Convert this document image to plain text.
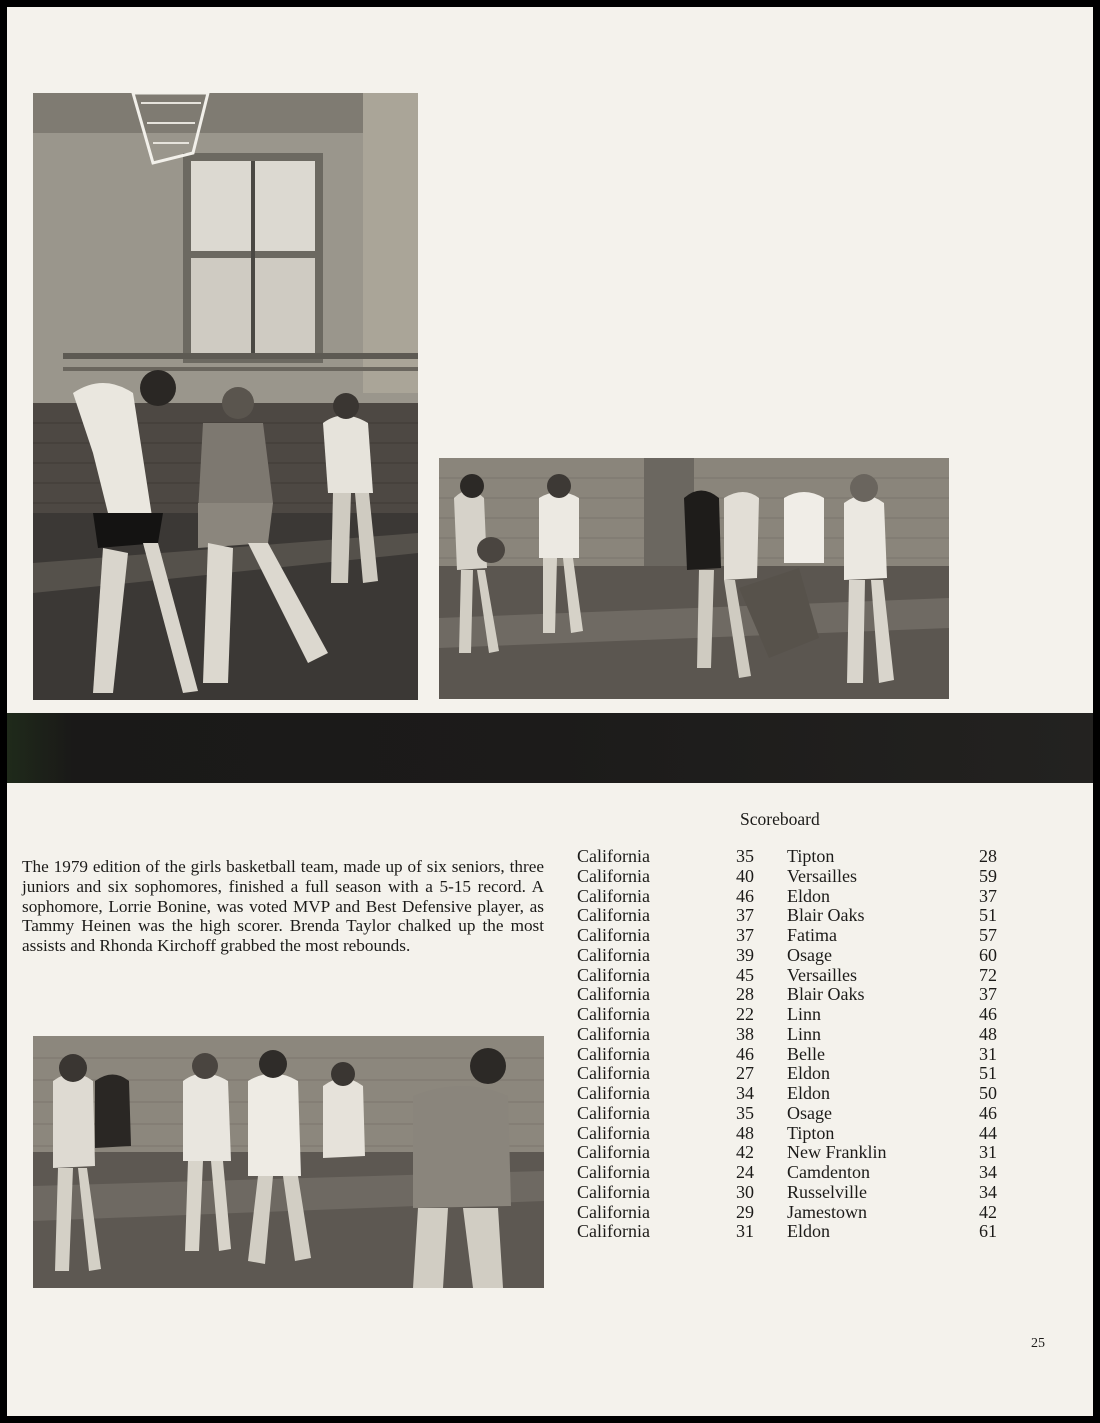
Scoreboard

The 1979 edition of the girls basketball team, made up of six seniors, three juniors and six sophomores, finished a full season with a 5-15 record. A sophomore, Lorrie Bonine, was voted MVP and Best Defensive player, as Tammy Heinen was the high scorer. Brenda Taylor chalked up the most assists and Rhonda Kirchoff grabbed the most rebounds.

California	35		Tipton	28
California	40		Versailles	59
California	46		Eldon	37
California	37		Blair Oaks	51
California	37		Fatima	57
California	39		Osage	60
California	45		Versailles	72
California	28		Blair Oaks	37
California	22		Linn	46
California	38		Linn	48
California	46		Belle	31
California	27		Eldon	51
California	34		Eldon	50
California	35		Osage	46
California	48		Tipton	44
California	42		New Franklin	31
California	24		Camdenton	34
California	30		Russelville	34
California	29		Jamestown	42
California	31		Eldon	61

25
